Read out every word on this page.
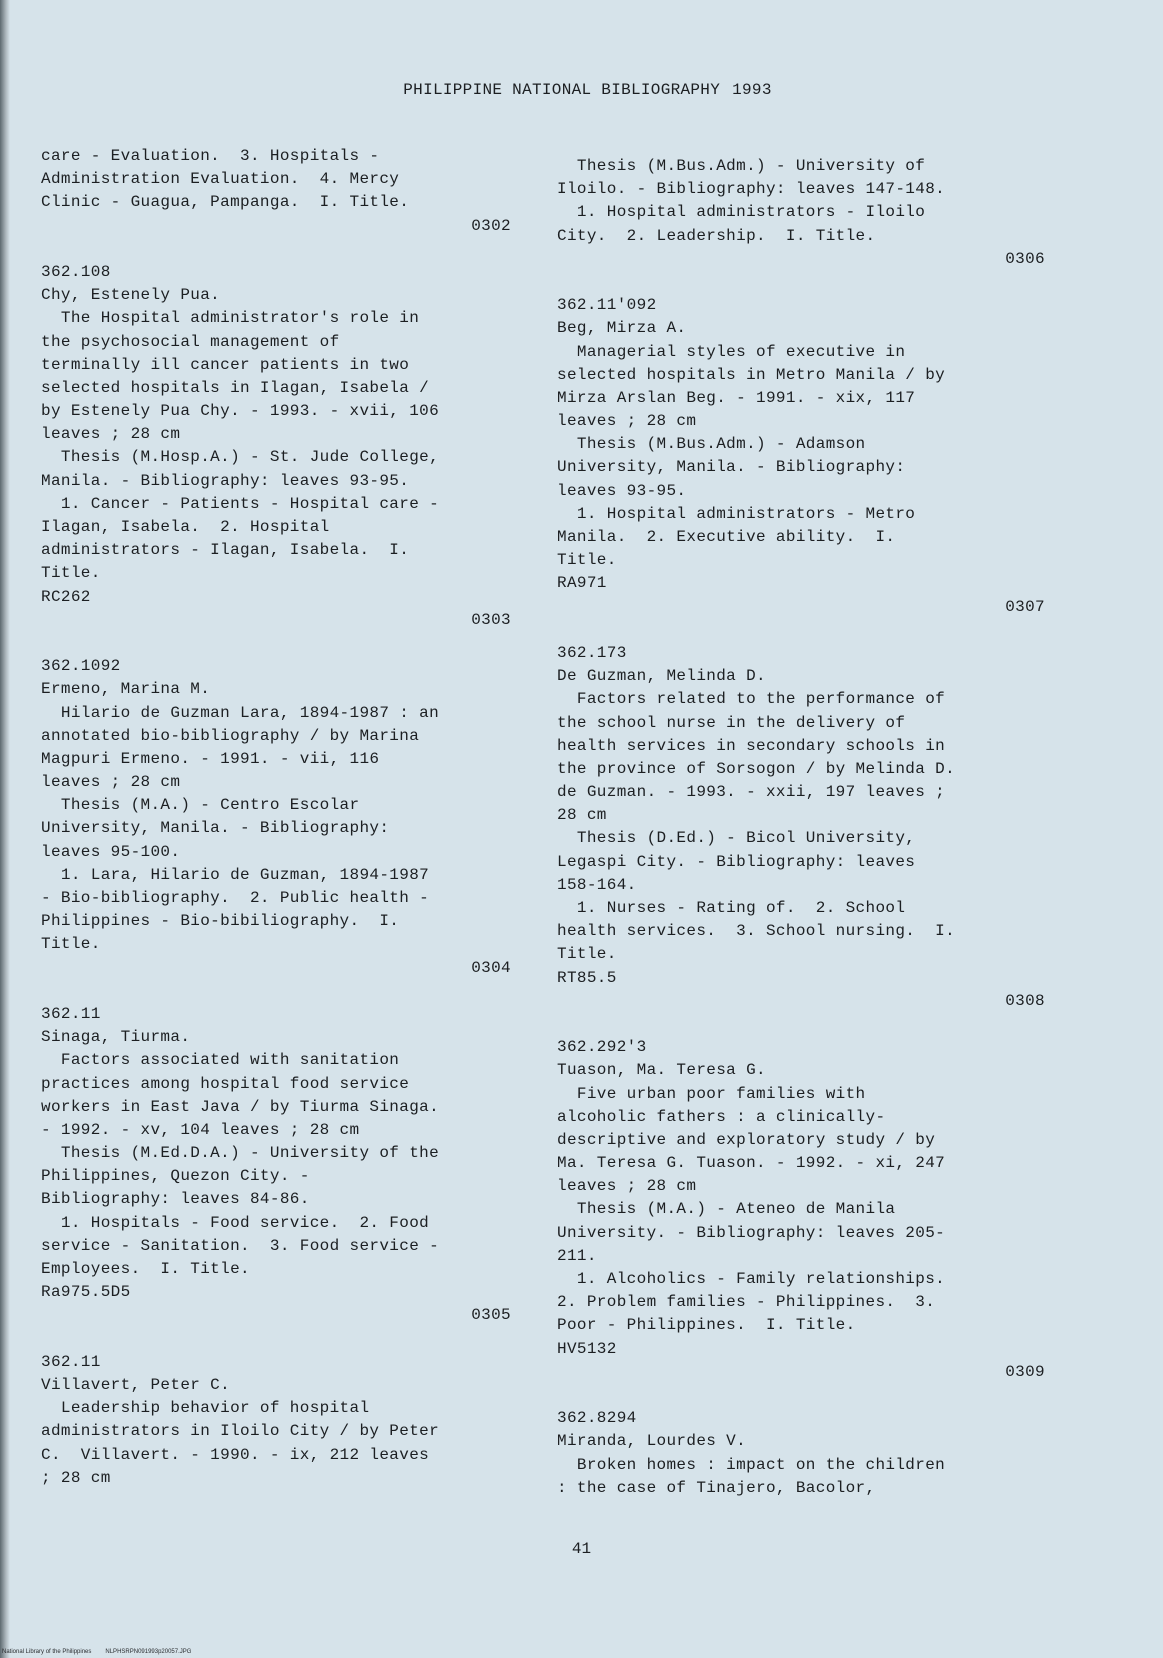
PHILIPPINE NATIONAL BIBLIOGRAPHY 1993
care - Evaluation.  3. Hospitals -
Administration Evaluation.  4. Mercy
Clinic - Guagua, Pampanga.  I. Title.
0302
362.108
Chy, Estenely Pua.
The Hospital administrator's role in
the psychosocial management of
terminally ill cancer patients in two
selected hospitals in Ilagan, Isabela /
by Estenely Pua Chy. - 1993. - xvii, 106
leaves ; 28 cm
Thesis (M.Hosp.A.) - St. Jude College,
Manila. - Bibliography: leaves 93-95.
1. Cancer - Patients - Hospital care -
Ilagan, Isabela.  2. Hospital
administrators - Ilagan, Isabela.  I.
Title.
RC262
0303
362.1092
Ermeno, Marina M.
Hilario de Guzman Lara, 1894-1987 : an
annotated bio-bibliography / by Marina
Magpuri Ermeno. - 1991. - vii, 116
leaves ; 28 cm
Thesis (M.A.) - Centro Escolar
University, Manila. - Bibliography:
leaves 95-100.
1. Lara, Hilario de Guzman, 1894-1987
- Bio-bibliography.  2. Public health -
Philippines - Bio-bibiliography.  I.
Title.
0304
362.11
Sinaga, Tiurma.
Factors associated with sanitation
practices among hospital food service
workers in East Java / by Tiurma Sinaga.
- 1992. - xv, 104 leaves ; 28 cm
Thesis (M.Ed.D.A.) - University of the
Philippines, Quezon City. -
Bibliography: leaves 84-86.
1. Hospitals - Food service.  2. Food
service - Sanitation.  3. Food service -
Employees.  I. Title.
Ra975.5D5
0305
362.11
Villavert, Peter C.
Leadership behavior of hospital
administrators in Iloilo City / by Peter
C.  Villavert. - 1990. - ix, 212 leaves
; 28 cm
Thesis (M.Bus.Adm.) - University of
Iloilo. - Bibliography: leaves 147-148.
1. Hospital administrators - Iloilo
City.  2. Leadership.  I. Title.
0306
362.11'092
Beg, Mirza A.
Managerial styles of executive in
selected hospitals in Metro Manila / by
Mirza Arslan Beg. - 1991. - xix, 117
leaves ; 28 cm
Thesis (M.Bus.Adm.) - Adamson
University, Manila. - Bibliography:
leaves 93-95.
1. Hospital administrators - Metro
Manila.  2. Executive ability.  I.
Title.
RA971
0307
362.173
De Guzman, Melinda D.
Factors related to the performance of
the school nurse in the delivery of
health services in secondary schools in
the province of Sorsogon / by Melinda D.
de Guzman. - 1993. - xxii, 197 leaves ;
28 cm
Thesis (D.Ed.) - Bicol University,
Legaspi City. - Bibliography: leaves
158-164.
1. Nurses - Rating of.  2. School
health services.  3. School nursing.  I.
Title.
RT85.5
0308
362.292'3
Tuason, Ma. Teresa G.
Five urban poor families with
alcoholic fathers : a clinically-
descriptive and exploratory study / by
Ma. Teresa G. Tuason. - 1992. - xi, 247
leaves ; 28 cm
Thesis (M.A.) - Ateneo de Manila
University. - Bibliography: leaves 205-
211.
1. Alcoholics - Family relationships.
2. Problem families - Philippines.  3.
Poor - Philippines.  I. Title.
HV5132
0309
362.8294
Miranda, Lourdes V.
Broken homes : impact on the children
: the case of Tinajero, Bacolor,
41
National Library of the Philippines NLPHSRPN091993p20057.JPG
